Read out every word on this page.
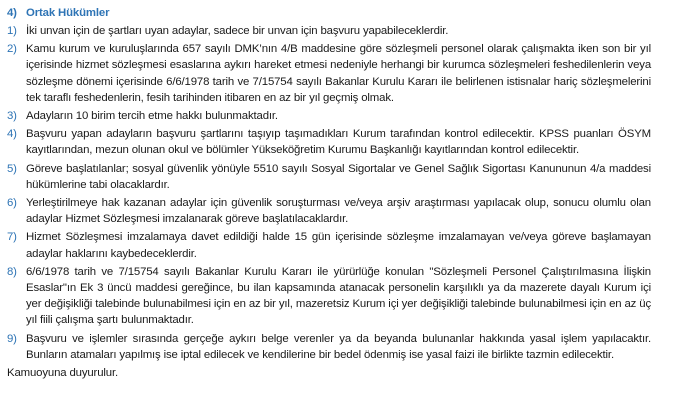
4) Ortak Hükümler
1) İki unvan için de şartları uyan adaylar, sadece bir unvan için başvuru yapabileceklerdir.
2) Kamu kurum ve kuruluşlarında 657 sayılı DMK’nın 4/B maddesine göre sözleşmeli personel olarak çalışmakta iken son bir yıl içerisinde hizmet sözleşmesi esaslarına aykırı hareket etmesi nedeniyle herhangi bir kurumca sözleşmeleri feshedilenlerin veya sözleşme dönemi içerisinde 6/6/1978 tarih ve 7/15754 sayılı Bakanlar Kurulu Kararı ile belirlenen istisnalar hariç sözleşmelerini tek taraflı feshedenlerin, fesih tarihinden itibaren en az bir yıl geçmiş olmak.
3) Adayların 10 birim tercih etme hakkı bulunmaktadır.
4) Başvuru yapan adayların başvuru şartlarını taşıyıp taşımadıkları Kurum tarafından kontrol edilecektir. KPSS puanları ÖSYM kayıtlarından, mezun olunan okul ve bölümler Yükseköğretim Kurumu Başkanlığı kayıtlarından kontrol edilecektir.
5) Göreve başlatılanlar; sosyal güvenlik yönüyle 5510 sayılı Sosyal Sigortalar ve Genel Sağlık Sigortası Kanununun 4/a maddesi hükümlerine tabi olacaklardır.
6) Yerleştirilmeye hak kazanan adaylar için güvenlik soruşturması ve/veya arşiv araştırması yapılacak olup, sonucu olumlu olan adaylar Hizmet Sözleşmesi imzalanarak göreve başlatılacaklardır.
7) Hizmet Sözleşmesi imzalamaya davet edildiği halde 15 gün içerisinde sözleşme imzalamayan ve/veya göreve başlamayan adaylar haklarını kaybedeceklerdir.
8) 6/6/1978 tarih ve 7/15754 sayılı Bakanlar Kurulu Kararı ile yürürlüğe konulan "Sözleşmeli Personel Çalıştırılmasına İlişkin Esaslar"ın Ek 3 üncü maddesi gereğince, bu ilan kapsamında atanacak personelin karşılıklı ya da mazerete dayalı Kurum içi yer değişikliği talebinde bulunabilmesi için en az bir yıl, mazeretsiz Kurum içi yer değişikliği talebinde bulunabilmesi için en az üç yıl fiili çalışma şartı bulunmaktadır.
9) Başvuru ve işlemler sırasında gerçeğe aykırı belge verenler ya da beyanda bulunanlar hakkında yasal işlem yapılacaktır. Bunların atamaları yapılmış ise iptal edilecek ve kendilerine bir bedel ödenmiş ise yasal faizi ile birlikte tazmin edilecektir.
Kamuoyuna duyurulur.
